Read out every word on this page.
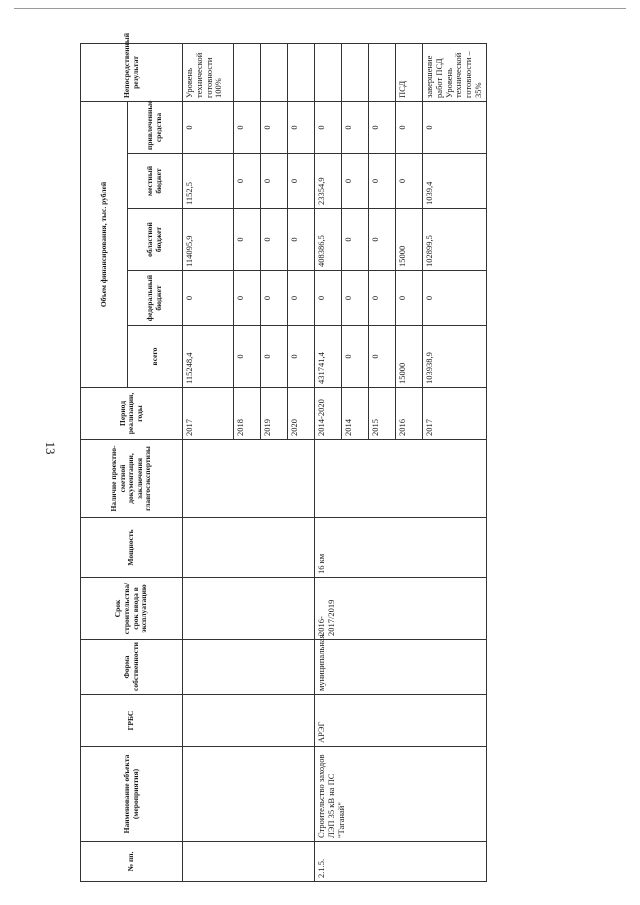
13
№ пп.	Наименование объекта (мероприятия)	ГРБС	Форма собственности	Срок строительства/срок ввода в эксплуатацию	Мощность	Наличие проектно-сметной документации, заключения главгосэкспертизы	Период реализации, годы	Объем финансирования, тыс. рублей					Непосредственный результат
								всего	федеральный бюджет	областной бюджет	местный бюджет	привлеченные средства	
							2017	115248,4	0	114095,9	1152,5	0	Уровень технической готовности 100%
							2018	0	0	0	0	0	
							2019	0	0	0	0	0	
							2020	0	0	0	0	0	
2.1.5.	Строительство заходов ЛЭП 35 кВ на ПС "Таганай"	АРЭГ	муниципальная	2016-2017/2019	16 км		2014-2020	431741,4	0	408386,5	23354,9	0	
							2014	0	0	0	0	0	
							2015	0	0	0	0	0	
							2016	15000	0	15000	0	0	ПСД
							2017	103938,9	0	102899,5	1039,4	0	завершение работ ПСД Уровень технической готовности – 35%
